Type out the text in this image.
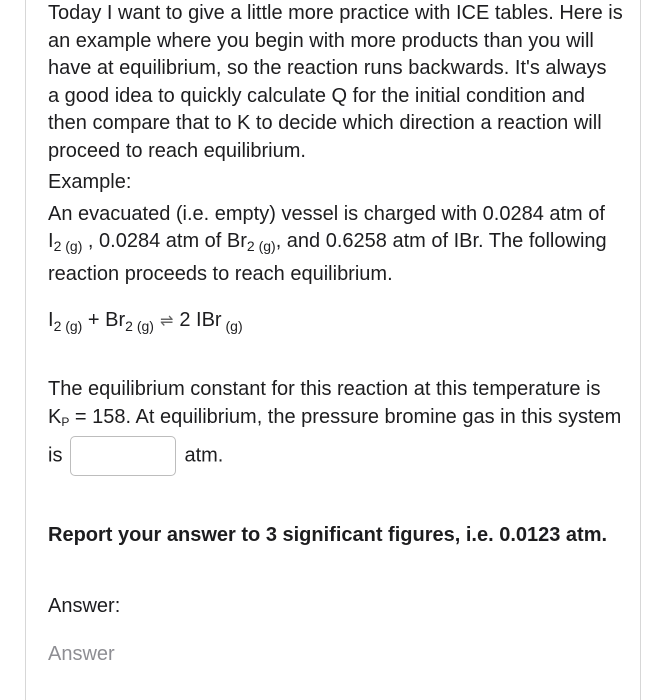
Today I want to give a little more practice with ICE tables. Here is an example where you begin with more products than you will have at equilibrium, so the reaction runs backwards. It's always a good idea to quickly calculate Q for the initial condition and then compare that to K to decide which direction a reaction will proceed to reach equilibrium.

Example:

An evacuated (i.e. empty) vessel is charged with 0.0284 atm of $I_2$ $_{(g)}$ , 0.0284 atm of $Br_2$ $_{(g)}$, and 0.6258 atm of IBr. The following reaction proceeds to reach equilibrium.

$I_{2 (g)} + Br_{2 (g)}$ ⇌ 2 IBr $_{(g)}$

The equilibrium constant for this reaction at this temperature is KP = 158. At equilibrium, the pressure bromine gas in this system is	atm.

Report your answer to 3 significant figures, i.e. 0.0123 atm.
Answer:
Answer
